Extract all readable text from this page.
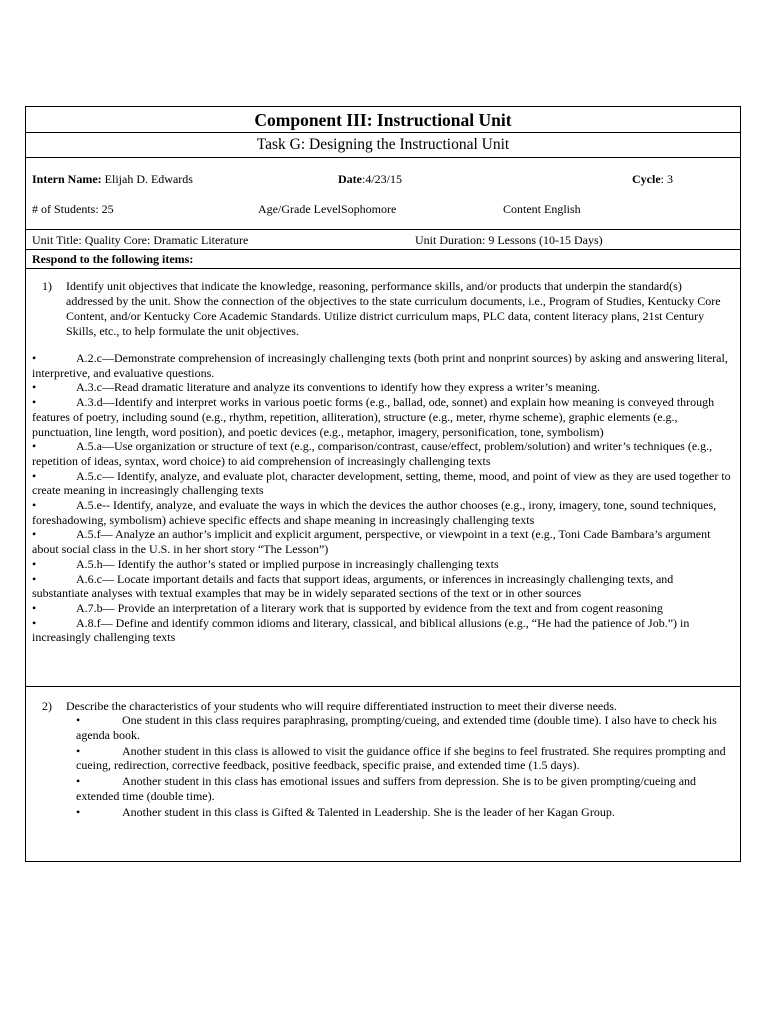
Component III: Instructional Unit
Task G: Designing the Instructional Unit
Intern Name: Elijah D. Edwards	Date:4/23/15	Cycle: 3
# of Students: 25	Age/Grade LevelSophomore	Content English
Unit Title: Quality Core: Dramatic Literature	Unit Duration: 9 Lessons (10-15 Days)
Respond to the following items:
1) Identify unit objectives that indicate the knowledge, reasoning, performance skills, and/or products that underpin the standard(s) addressed by the unit. Show the connection of the objectives to the state curriculum documents, i.e., Program of Studies, Kentucky Core Content, and/or Kentucky Core Academic Standards. Utilize district curriculum maps, PLC data, content literacy plans, 21st Century Skills, etc., to help formulate the unit objectives.
•	A.2.c—Demonstrate comprehension of increasingly challenging texts (both print and nonprint sources) by asking and answering literal, interpretive, and evaluative questions.
•	A.3.c—Read dramatic literature and analyze its conventions to identify how they express a writer’s meaning.
•	A.3.d—Identify and interpret works in various poetic forms (e.g., ballad, ode, sonnet) and explain how meaning is conveyed through features of poetry, including sound (e.g., rhythm, repetition, alliteration), structure (e.g., meter, rhyme scheme), graphic elements (e.g., punctuation, line length, word position), and poetic devices (e.g., metaphor, imagery, personification, tone, symbolism)
•	A.5.a—Use organization or structure of text (e.g., comparison/contrast, cause/effect, problem/solution) and writer’s techniques (e.g., repetition of ideas, syntax, word choice) to aid comprehension of increasingly challenging texts
•	A.5.c— Identify, analyze, and evaluate plot, character development, setting, theme, mood, and point of view as they are used together to create meaning in increasingly challenging texts
•	A.5.e-- Identify, analyze, and evaluate the ways in which the devices the author chooses (e.g., irony, imagery, tone, sound techniques, foreshadowing, symbolism) achieve specific effects and shape meaning in increasingly challenging texts
•	A.5.f— Analyze an author’s implicit and explicit argument, perspective, or viewpoint in a text (e.g., Toni Cade Bambara’s argument about social class in the U.S. in her short story “The Lesson”)
•	A.5.h— Identify the author’s stated or implied purpose in increasingly challenging texts
•	A.6.c— Locate important details and facts that support ideas, arguments, or inferences in increasingly challenging texts, and substantiate analyses with textual examples that may be in widely separated sections of the text or in other sources
•	A.7.b— Provide an interpretation of a literary work that is supported by evidence from the text and from cogent reasoning
•	A.8.f— Define and identify common idioms and literary, classical, and biblical allusions (e.g., “He had the patience of Job.”) in increasingly challenging texts
2) Describe the characteristics of your students who will require differentiated instruction to meet their diverse needs.
•	One student in this class requires paraphrasing, prompting/cueing, and extended time (double time). I also have to check his agenda book.
•	Another student in this class is allowed to visit the guidance office if she begins to feel frustrated. She requires prompting and cueing, redirection, corrective feedback, positive feedback, specific praise, and extended time (1.5 days).
•	Another student in this class has emotional issues and suffers from depression. She is to be given prompting/cueing and extended time (double time).
•	Another student in this class is Gifted & Talented in Leadership. She is the leader of her Kagan Group.
